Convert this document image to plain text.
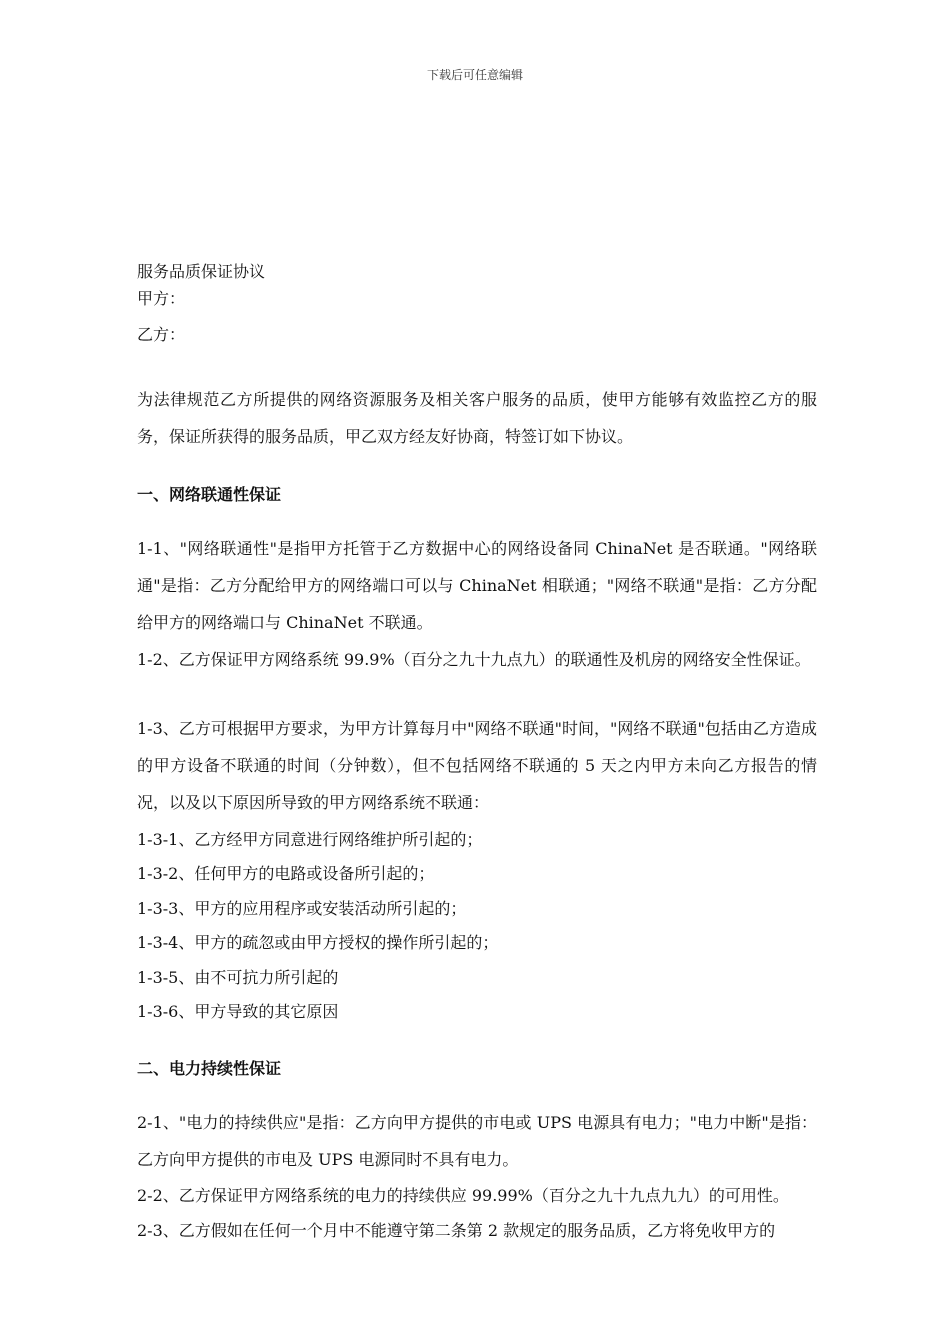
下载后可任意编辑
服务品质保证协议
甲方：
乙方：
为法律规范乙方所提供的网络资源服务及相关客户服务的品质，使甲方能够有效监控乙方的服务，保证所获得的服务品质，甲乙双方经友好协商，特签订如下协议。
一、网络联通性保证
1-1、"网络联通性"是指甲方托管于乙方数据中心的网络设备同 ChinaNet 是否联通。"网络联通"是指：乙方分配给甲方的网络端口可以与 ChinaNet 相联通；"网络不联通"是指：乙方分配给甲方的网络端口与 ChinaNet 不联通。
1-2、乙方保证甲方网络系统 99.9%（百分之九十九点九）的联通性及机房的网络安全性保证。
1-3、乙方可根据甲方要求，为甲方计算每月中"网络不联通"时间，"网络不联通"包括由乙方造成的甲方设备不联通的时间（分钟数），但不包括网络不联通的 5 天之内甲方未向乙方报告的情况，以及以下原因所导致的甲方网络系统不联通：
1-3-1、乙方经甲方同意进行网络维护所引起的；
1-3-2、任何甲方的电路或设备所引起的；
1-3-3、甲方的应用程序或安装活动所引起的；
1-3-4、甲方的疏忽或由甲方授权的操作所引起的；
1-3-5、由不可抗力所引起的
1-3-6、甲方导致的其它原因
二、电力持续性保证
2-1、"电力的持续供应"是指：乙方向甲方提供的市电或 UPS 电源具有电力；"电力中断"是指：乙方向甲方提供的市电及 UPS 电源同时不具有电力。
2-2、乙方保证甲方网络系统的电力的持续供应 99.99%（百分之九十九点九九）的可用性。
2-3、乙方假如在任何一个月中不能遵守第二条第 2 款规定的服务品质，乙方将免收甲方的
